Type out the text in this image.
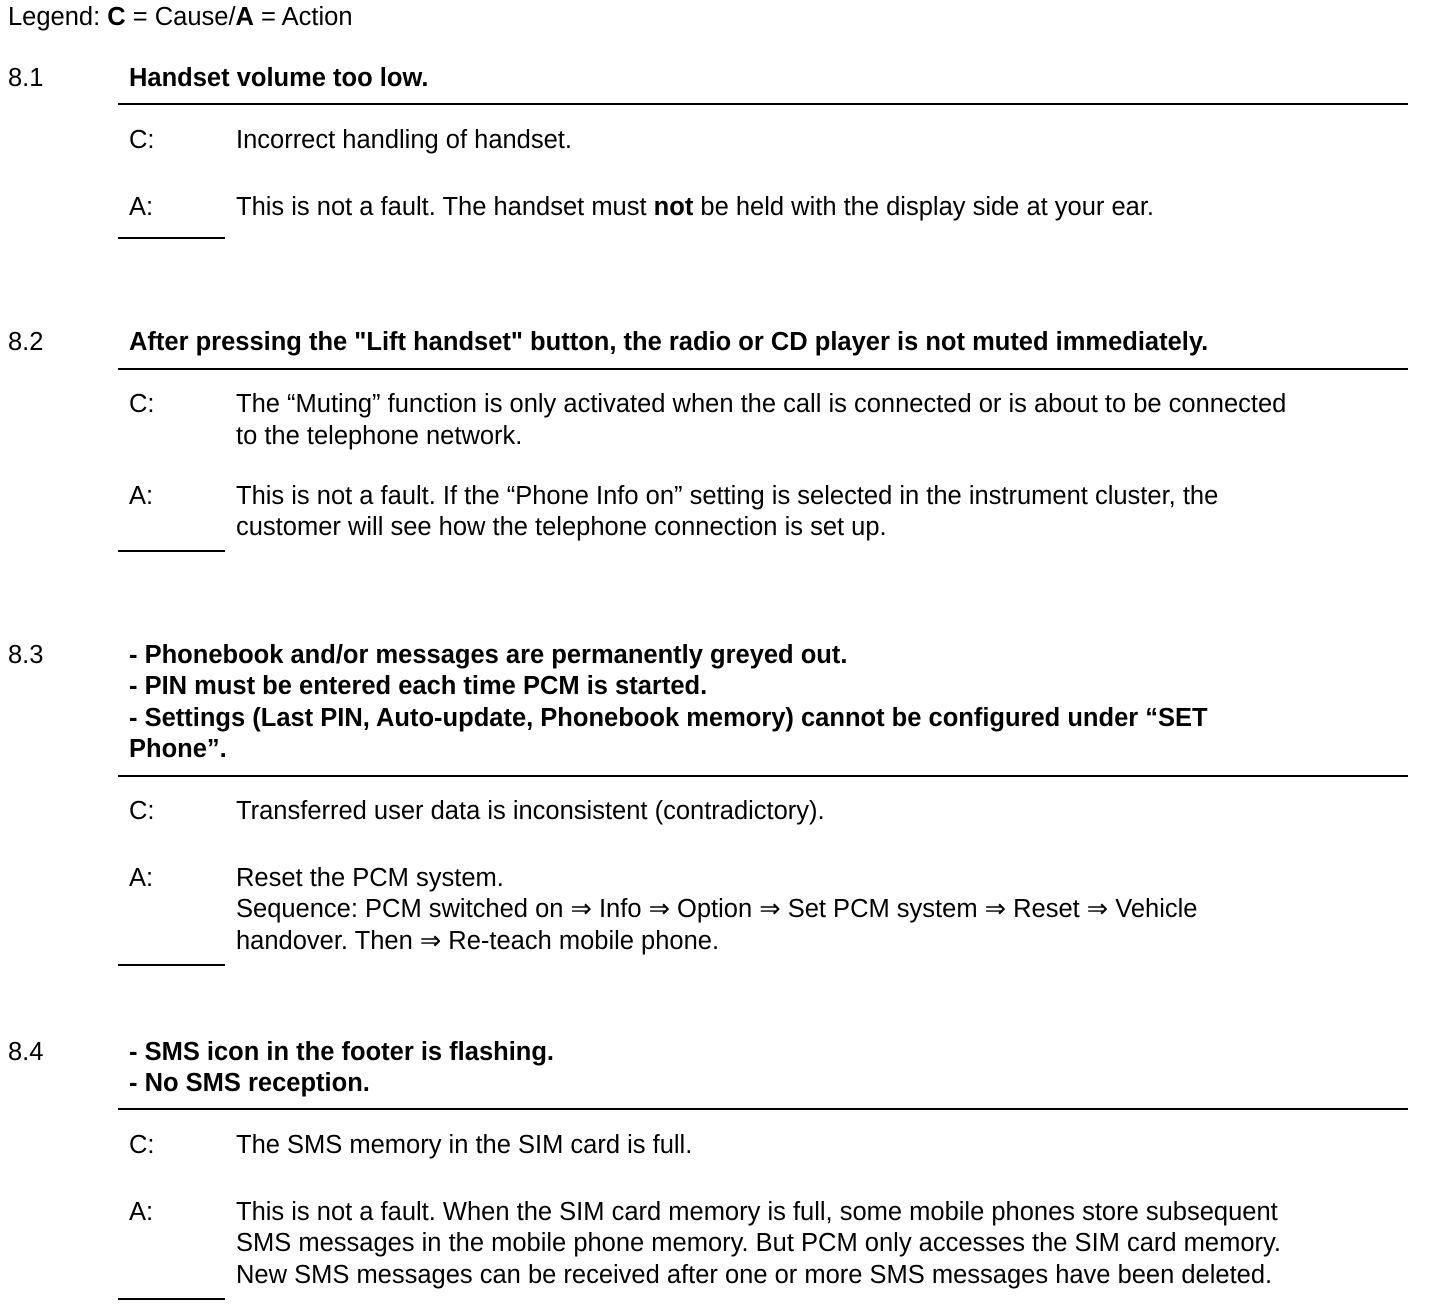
Legend: C = Cause/A = Action
8.1	Handset volume too low.
C:	Incorrect handling of handset.
A:	This is not a fault. The handset must not be held with the display side at your ear.
8.2	After pressing the "Lift handset" button, the radio or CD player is not muted immediately.
C:	The “Muting” function is only activated when the call is connected or is about to be connected
to the telephone network.
A:	This is not a fault. If the “Phone Info on” setting is selected in the instrument cluster, the
customer will see how the telephone connection is set up.
8.3	- Phonebook and/or messages are permanently greyed out.
- PIN must be entered each time PCM is started.
- Settings (Last PIN, Auto-update, Phonebook memory) cannot be configured under “SET
Phone”.
C:	Transferred user data is inconsistent (contradictory).
A:	Reset the PCM system.
Sequence: PCM switched on ⇒ Info ⇒ Option ⇒ Set PCM system ⇒ Reset ⇒ Vehicle
handover. Then ⇒ Re-teach mobile phone.
8.4	- SMS icon in the footer is flashing.
- No SMS reception.
C:	The SMS memory in the SIM card is full.
A:	This is not a fault. When the SIM card memory is full, some mobile phones store subsequent
SMS messages in the mobile phone memory. But PCM only accesses the SIM card memory.
New SMS messages can be received after one or more SMS messages have been deleted.
